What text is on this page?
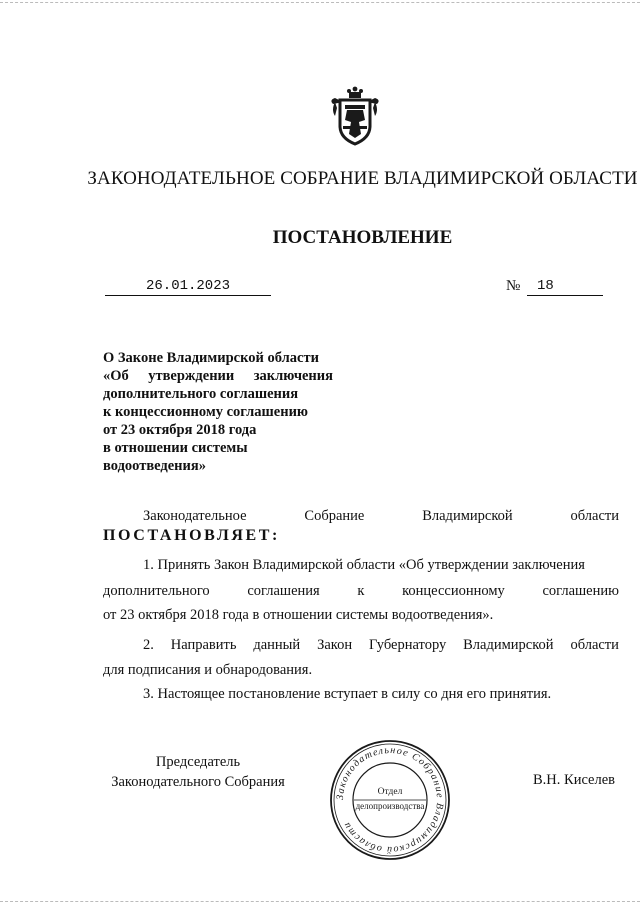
ЗАКОНОДАТЕЛЬНОЕ СОБРАНИЕ ВЛАДИМИРСКОЙ ОБЛАСТИ
ПОСТАНОВЛЕНИЕ
26.01.2023	№	18
О Законе Владимирской области
«Об утверждении заключения
дополнительного соглашения
к концессионному соглашению
от 23 октября 2018 года
в отношении системы
водоотведения»
Законодательное	Собрание	Владимирской	области
ПОСТАНОВЛЯЕТ:
1. Принять Закон Владимирской области «Об утверждении заключения
дополнительного	соглашения	к	концессионному	соглашению
от 23 октября 2018 года в отношении системы водоотведения».
2. Направить данный Закон Губернатору Владимирской области
для подписания и обнародования.
3. Настоящее постановление вступает в силу со дня его принятия.
Председатель
Законодательного Собрания
Законодательное Собрание Владимирской области
Отдел
делопроизводства
В.Н. Киселев
